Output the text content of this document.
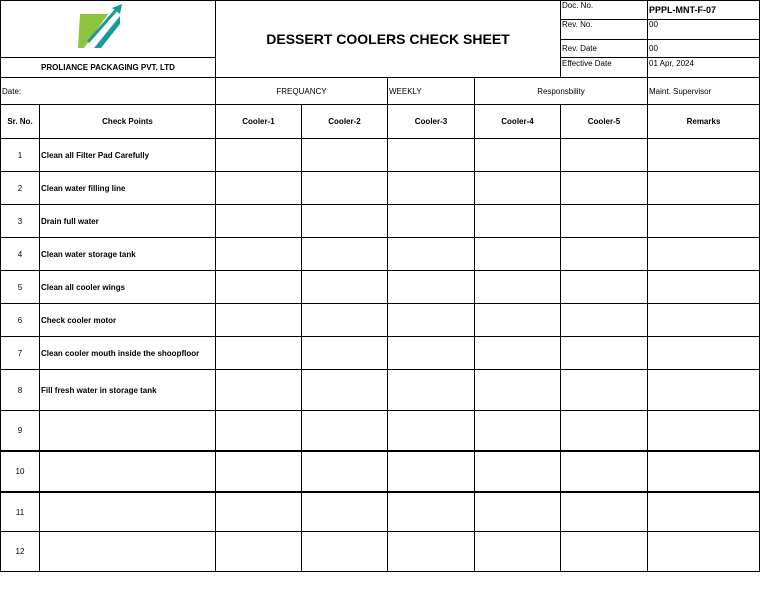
PROLIANCE PACKAGING PVT. LTD
DESSERT COOLERS CHECK SHEET
Doc. No.	PPPL-MNT-F-07
Rev. No.	00
Rev. Date	00
Effective Date	01 Apr, 2024
Date:	FREQUANCY	WEEKLY	Responsbility	Maint. Supervisor
Sr. No.	Check Points	Cooler-1	Cooler-2	Cooler-3	Cooler-4	Cooler-5	Remarks
1	Clean all Filter Pad Carefully
2	Clean water filling line
3	Drain full water
4	Clean water storage tank
5	Clean all cooler wings
6	Check cooler motor
7	Clean cooler mouth inside the shoopfloor
8	Fill fresh water in storage tank
9
10
11
12
